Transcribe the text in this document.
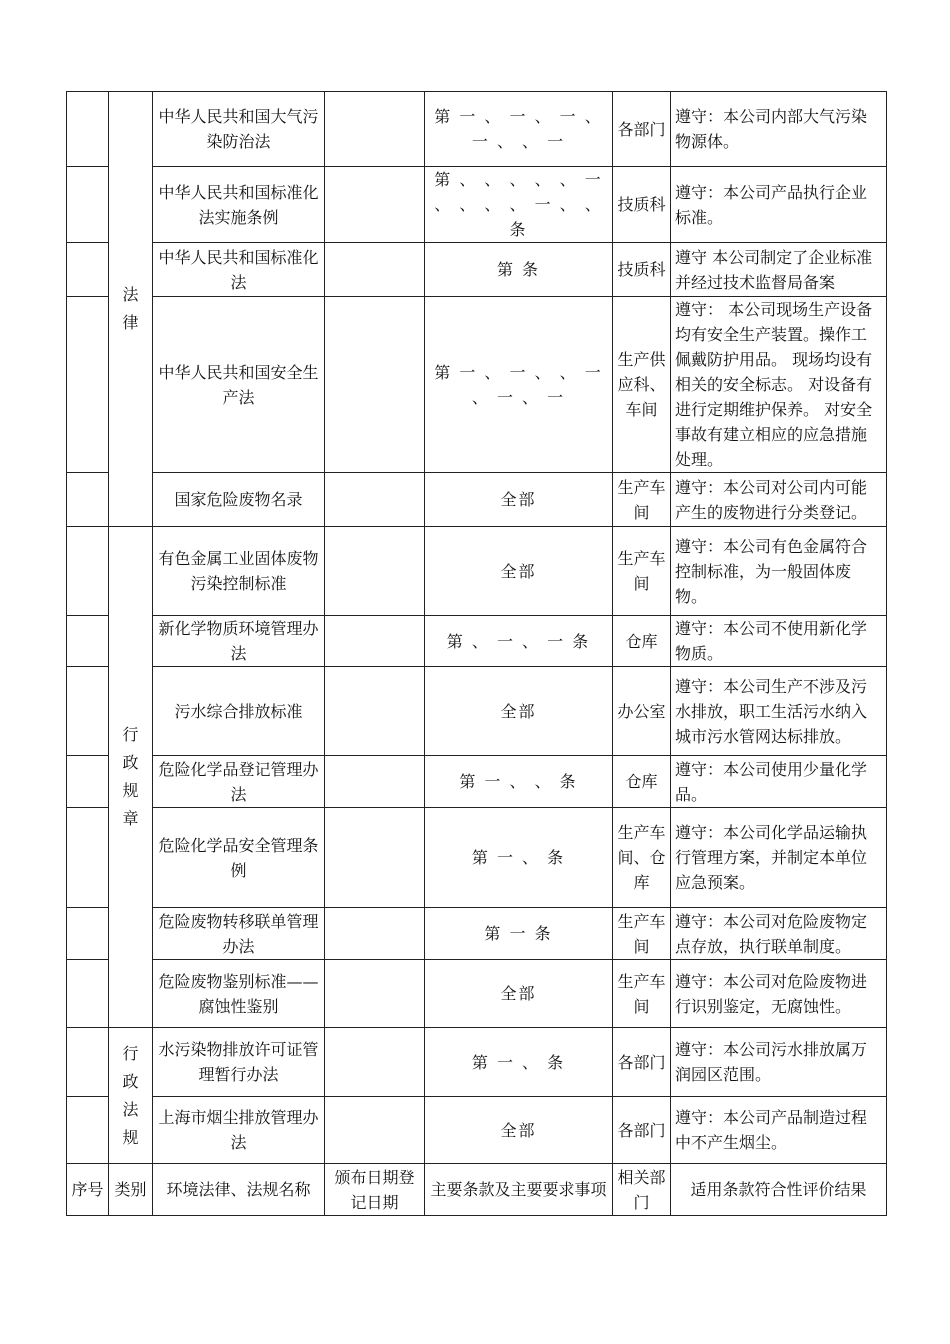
	法律	中华人民共和国大气污染防治法		第 一 、 一 、 一 、 一 、 、 一	各部门	遵守：本公司内部大气污染物源体。
		中华人民共和国标准化法实施条例		第 、 、 、 、 、 一 、 、 、 、 一 、 、 条	技质科	遵守：本公司产品执行企业标准。
		中华人民共和国标准化法		第 条	技质科	遵守 本公司制定了企业标准 并经过技术监督局备案
		中华人民共和国安全生产法		第 一 、 一 、 、 一 、 一 、 一	生产供应科、车间	遵守： 本公司现场生产设备均有安全生产装置。操作工佩戴防护用品。 现场均设有相关的安全标志。 对设备有进行定期维护保养。 对安全事故有建立相应的应急措施处理。
		国家危险废物名录		全部	生产车间	遵守：本公司对公司内可能产生的废物进行分类登记。
	行政规章	有色金属工业固体废物污染控制标准		全部	生产车间	遵守：本公司有色金属符合控制标准，为一般固体废物。
		新化学物质环境管理办法		第 、 一 、 一 条	仓库	遵守：本公司不使用新化学物质。
		污水综合排放标准		全部	办公室	遵守：本公司生产不涉及污水排放，职工生活污水纳入城市污水管网达标排放。
		危险化学品登记管理办法		第 一 、 、 条	仓库	遵守：本公司使用少量化学品。
		危险化学品安全管理条例		第 一 、 条	生产车间、仓库	遵守：本公司化学品运输执行管理方案，并制定本单位应急预案。
		危险废物转移联单管理办法		第 一 条	生产车间	遵守：本公司对危险废物定点存放，执行联单制度。
		危险废物鉴别标准——腐蚀性鉴别		全部	生产车间	遵守：本公司对危险废物进行识别鉴定，无腐蚀性。
	行政法规	水污染物排放许可证管理暂行办法		第 一 、 条	各部门	遵守：本公司污水排放属万润园区范围。
		上海市烟尘排放管理办法		全部	各部门	遵守：本公司产品制造过程中不产生烟尘。
序号	类别	环境法律、法规名称	颁布日期登记日期	主要条款及主要要求事项	相关部门	适用条款符合性评价结果
